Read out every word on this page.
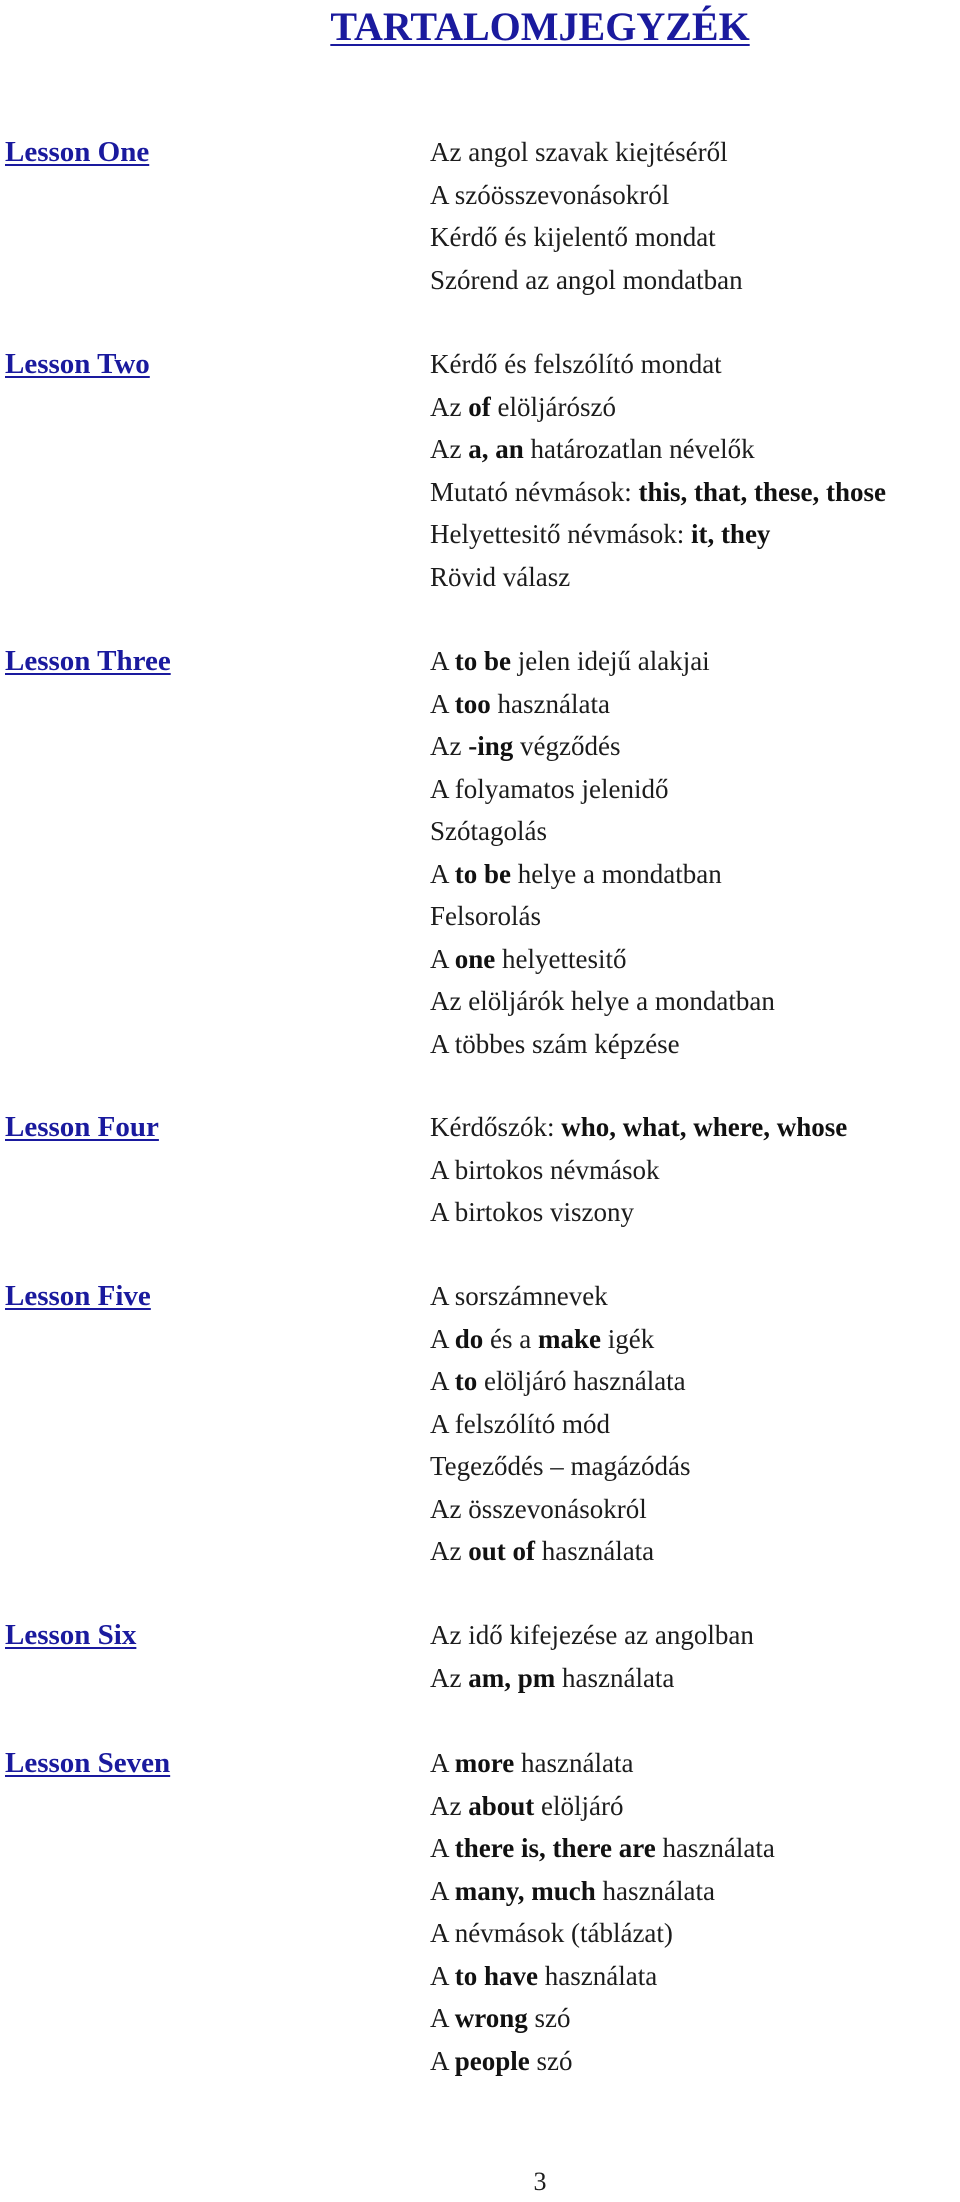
TARTALOMJEGYZÉK
Lesson One	Az angol szavak kiejtéséről
A szóösszevonásokról
Kérdő és kijelentő mondat
Szórend az angol mondatban
Lesson Two	Kérdő és felszólító mondat
Az of elöljárószó
Az a, an határozatlan névelők
Mutató névmások: this, that, these, those
Helyettesitő névmások: it, they
Rövid válasz
Lesson Three	A to be jelen idejű alakjai
A too használata
Az -ing végződés
A folyamatos jelenidő
Szótagolás
A to be helye a mondatban
Felsorolás
A one helyettesitő
Az elöljárók helye a mondatban
A többes szám képzése
Lesson Four	Kérdőszók: who, what, where, whose
A birtokos névmások
A birtokos viszony
Lesson Five	A sorszámnevek
A do és a make igék
A to elöljáró használata
A felszólító mód
Tegeződés – magázódás
Az összevonásokról
Az out of használata
Lesson Six	Az idő kifejezése az angolban
Az am, pm használata
Lesson Seven	A more használata
Az about elöljáró
A there is, there are használata
A many, much használata
A névmások (táblázat)
A to have használata
A wrong szó
A people szó
3
